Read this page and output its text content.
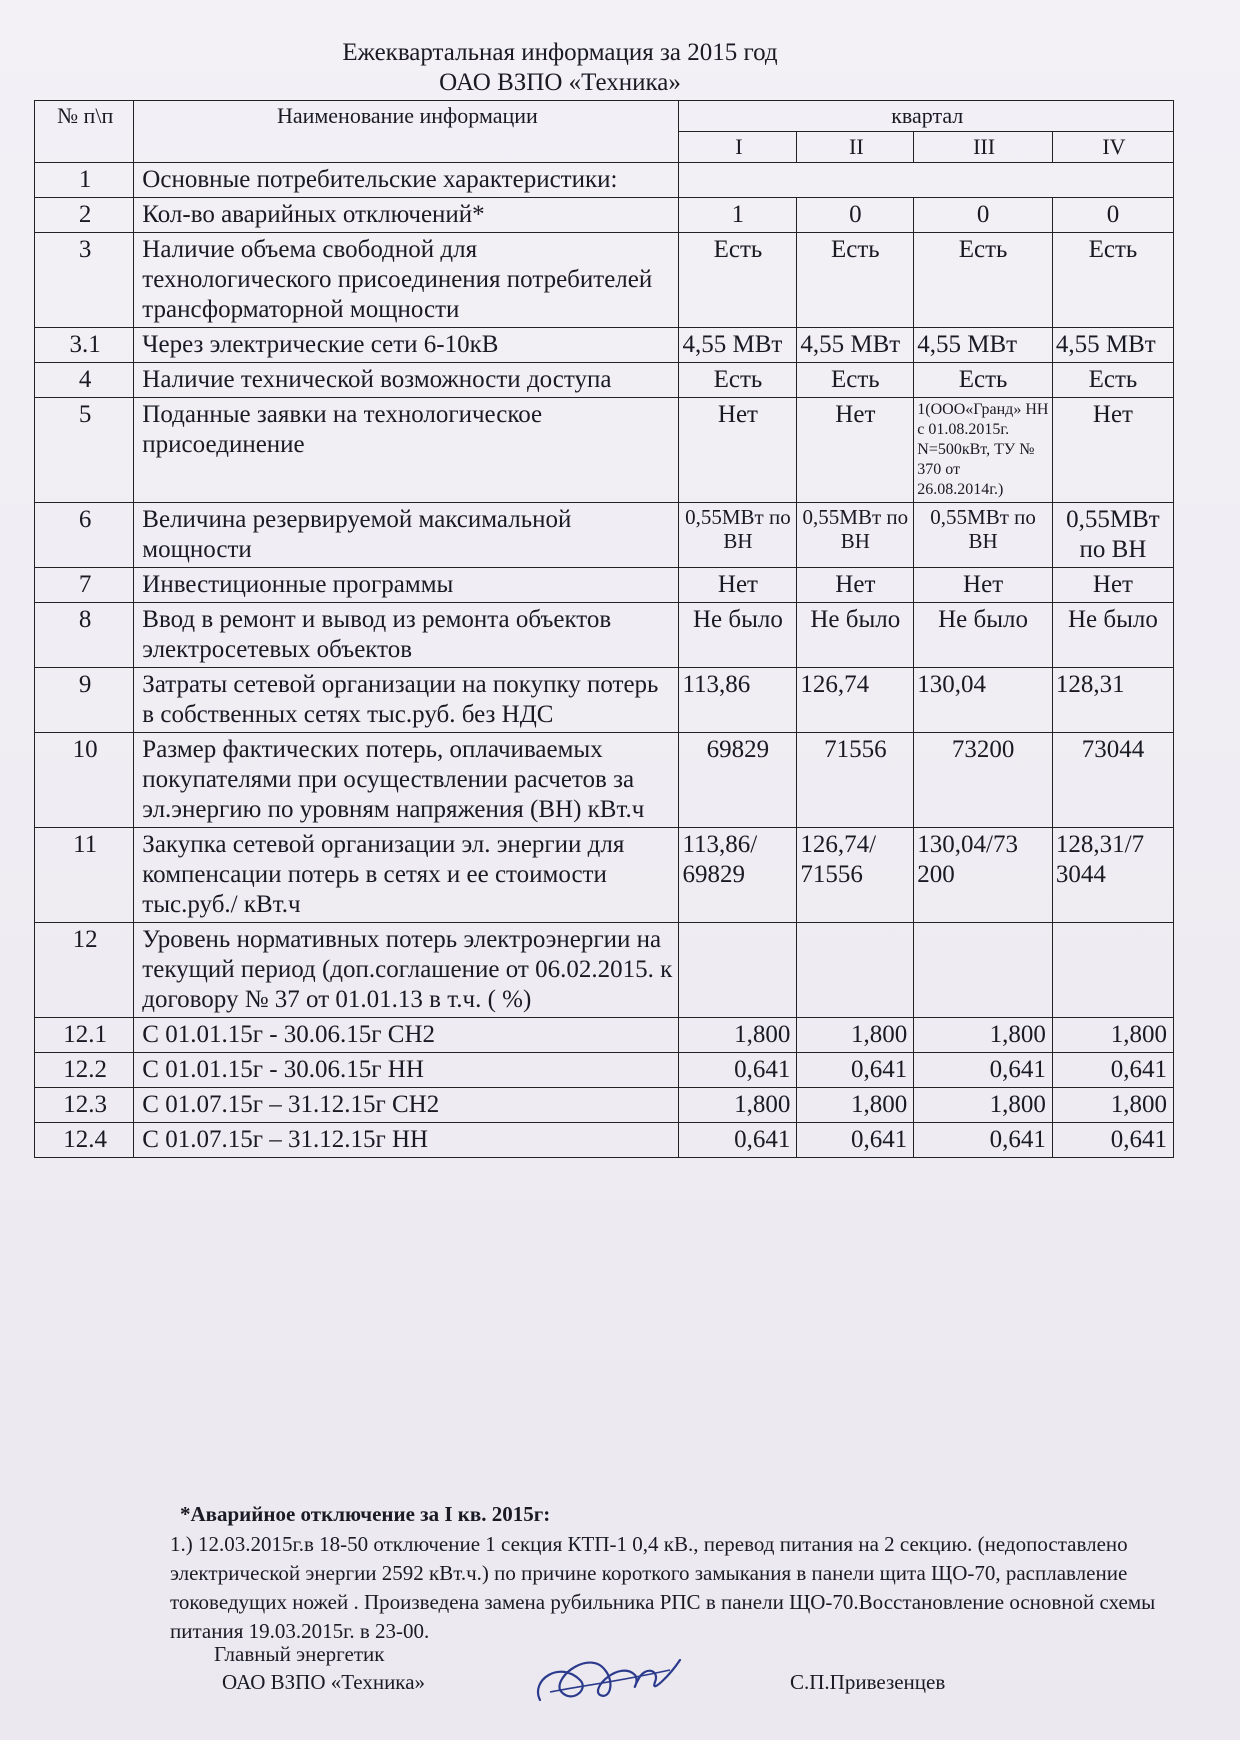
Ежеквартальная информация за 2015 год
ОАО ВЗПО «Техника»
№ п\п	Наименование информации	квартал			
		I	II	III	IV
1	Основные потребительские характеристики:				
2	Кол-во аварийных отключений*	1	0	0	0
3	Наличие объема свободной для технологического присоединения потребителей трансформаторной мощности	Есть	Есть	Есть	Есть
3.1	Через электрические сети 6-10кВ	4,55 МВт	4,55 МВт	4,55 МВт	4,55 МВт
4	Наличие технической возможности доступа	Есть	Есть	Есть	Есть
5	Поданные заявки на технологическое присоединение	Нет	Нет	1(ООО«Гранд» НН с 01.08.2015г. N=500кВт, ТУ № 370 от 26.08.2014г.)	Нет
6	Величина резервируемой максимальной мощности	0,55МВт по ВН	0,55МВт по ВН	0,55МВт по ВН	0,55МВт по ВН
7	Инвестиционные программы	Нет	Нет	Нет	Нет
8	Ввод в ремонт и вывод из ремонта объектов электросетевых объектов	Не было	Не было	Не было	Не было
9	Затраты сетевой организации на покупку потерь в собственных сетях тыс.руб. без НДС	113,86	126,74	130,04	128,31
10	Размер фактических потерь, оплачиваемых покупателями при осуществлении расчетов за эл.энергию по уровням напряжения (ВН) кВт.ч	69829	71556	73200	73044
11	Закупка сетевой организации эл. энергии для компенсации потерь в сетях и ее стоимости тыс.руб./ кВт.ч	113,86/ 69829	126,74/ 71556	130,04/73 200	128,31/7 3044
12	Уровень нормативных потерь электроэнергии на текущий период (доп.соглашение от 06.02.2015. к договору № 37 от 01.01.13 в т.ч. ( %)				
12.1	С 01.01.15г - 30.06.15г СН2	1,800	1,800	1,800	1,800
12.2	С 01.01.15г - 30.06.15г НН	0,641	0,641	0,641	0,641
12.3	С 01.07.15г – 31.12.15г СН2	1,800	1,800	1,800	1,800
12.4	С 01.07.15г – 31.12.15г НН	0,641	0,641	0,641	0,641
*Аварийное отключение за I кв. 2015г:
1.) 12.03.2015г.в 18-50 отключение 1 секция КТП-1 0,4 кВ., перевод питания на 2 секцию. (недопоставлено электрической энергии 2592 кВт.ч.) по причине короткого замыкания в панели щита ЩО-70, расплавление токоведущих ножей . Произведена замена рубильника РПС в панели ЩО-70.Восстановление основной схемы питания 19.03.2015г. в 23-00.
Главный энергетик
ОАО ВЗПО «Техника»	С.П.Привезенцев
